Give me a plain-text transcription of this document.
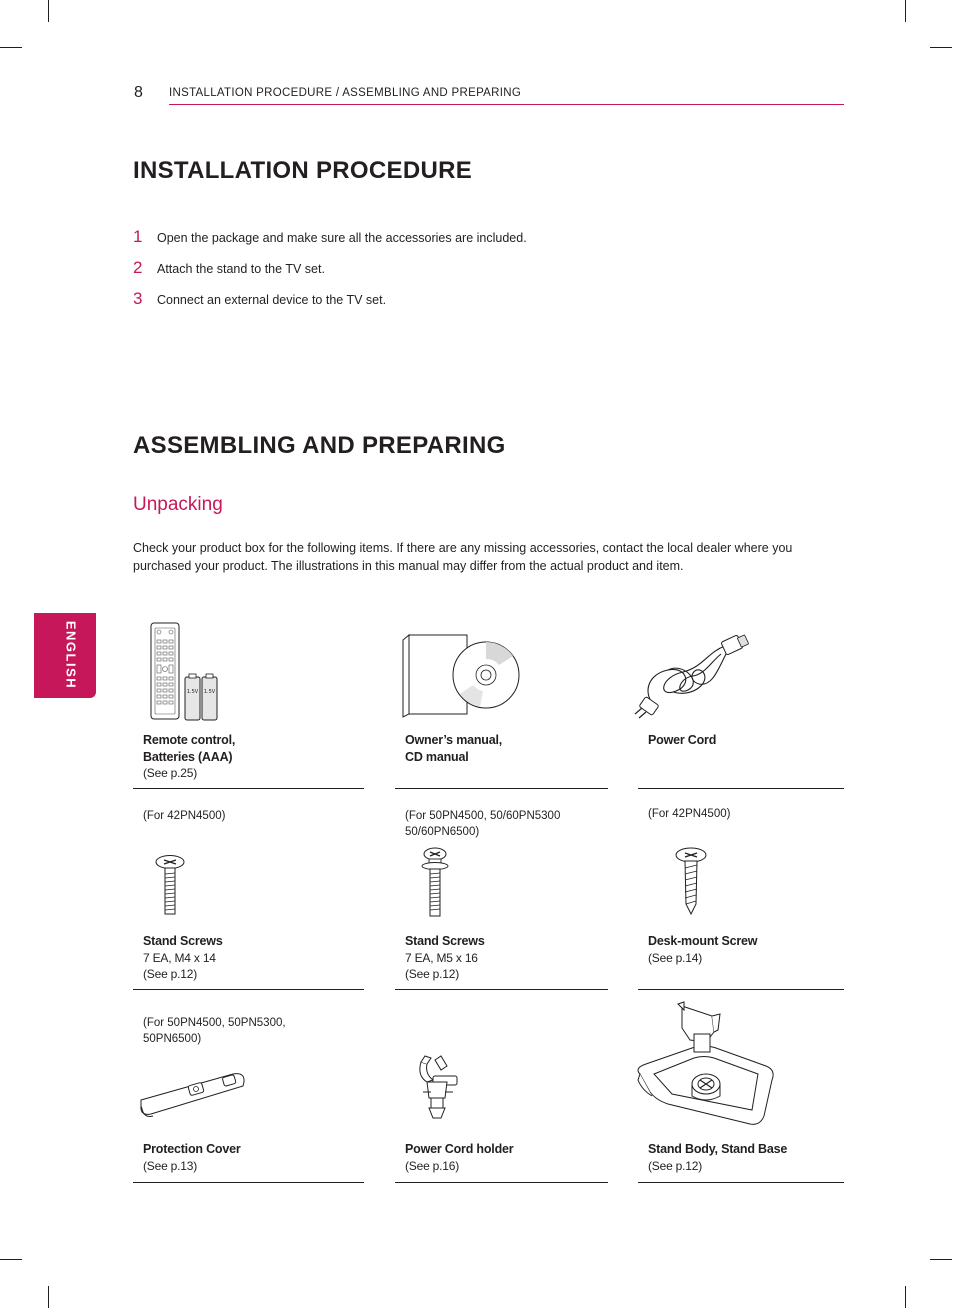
8 INSTALLATION PROCEDURE / ASSEMBLING AND PREPARING
ENGLISH
INSTALLATION PROCEDURE
1	Open the package and make sure all the accessories are included.
2	Attach the stand to the TV set.
3	Connect an external device to the TV set.
ASSEMBLING AND PREPARING
Unpacking
Check your product box for the following items. If there are any missing accessories, contact the local dealer where you purchased your product. The illustrations in this manual may differ from the actual product and item.
1.5V 1.5V
Remote control,
Batteries (AAA)
(See p.25)
Owner’s manual,
CD manual
Power Cord
(For 42PN4500)
Stand Screws
7 EA, M4 x 14
(See p.12)
(For 50PN4500, 50/60PN5300 50/60PN6500)
Stand Screws
7 EA, M5 x 16
(See p.12)
(For 42PN4500)
Desk-mount Screw
(See p.14)
(For 50PN4500, 50PN5300, 50PN6500)
Protection Cover
(See p.13)
Power Cord holder
(See p.16)
Stand Body, Stand Base
(See p.12)
